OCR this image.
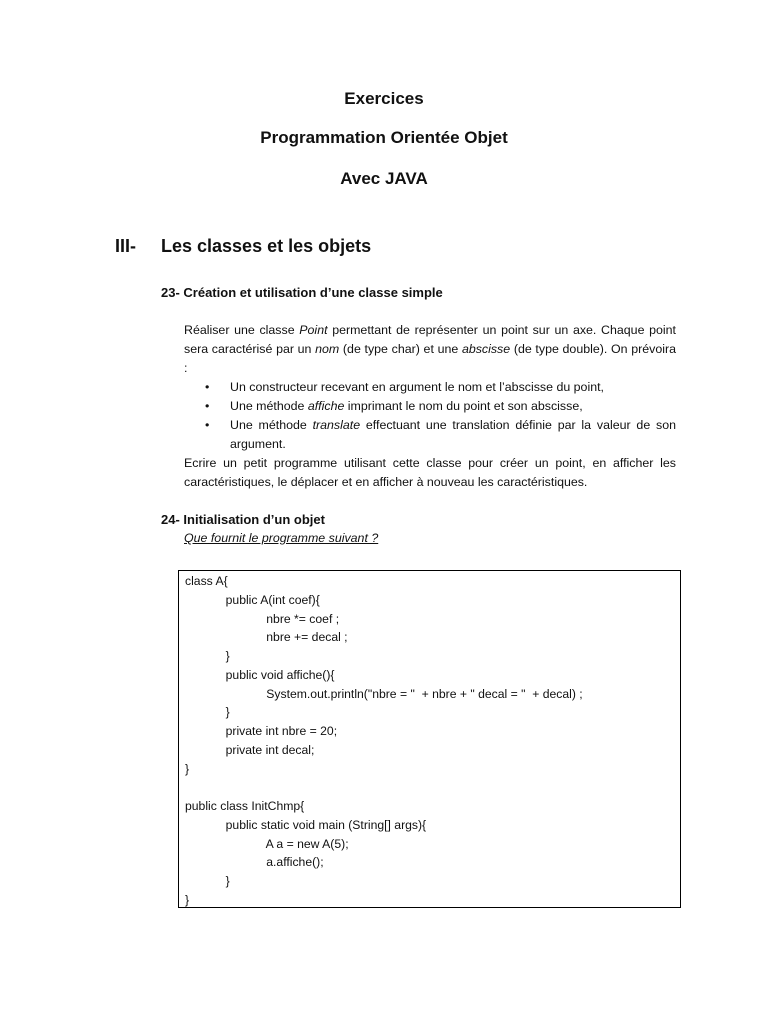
Exercices
Programmation Orientée Objet
Avec JAVA
III- Les classes et les objets
23- Création et utilisation d’une classe simple

Réaliser une classe Point permettant de représenter un point sur un axe. Chaque point sera caractérisé par un nom (de type char) et une abscisse (de type double). On prévoira :

• Un constructeur recevant en argument le nom et l’abscisse du point,
• Une méthode affiche imprimant le nom du point et son abscisse,
• Une méthode translate effectuant une translation définie par la valeur de son argument.

Ecrire un petit programme utilisant cette classe pour créer un point, en afficher les caractéristiques, le déplacer et en afficher à nouveau les caractéristiques.

24- Initialisation d’un objet
Que fournit le programme suivant ?
class A{
public A(int coef){
nbre *= coef ;
nbre += decal ;
}
public void affiche(){
System.out.println("nbre = "  + nbre + " decal = "  + decal) ;
}
private int nbre = 20;
private int decal;
}
public class InitChmp{
public static void main (String[] args){
A a = new A(5);
a.affiche();
}
}
